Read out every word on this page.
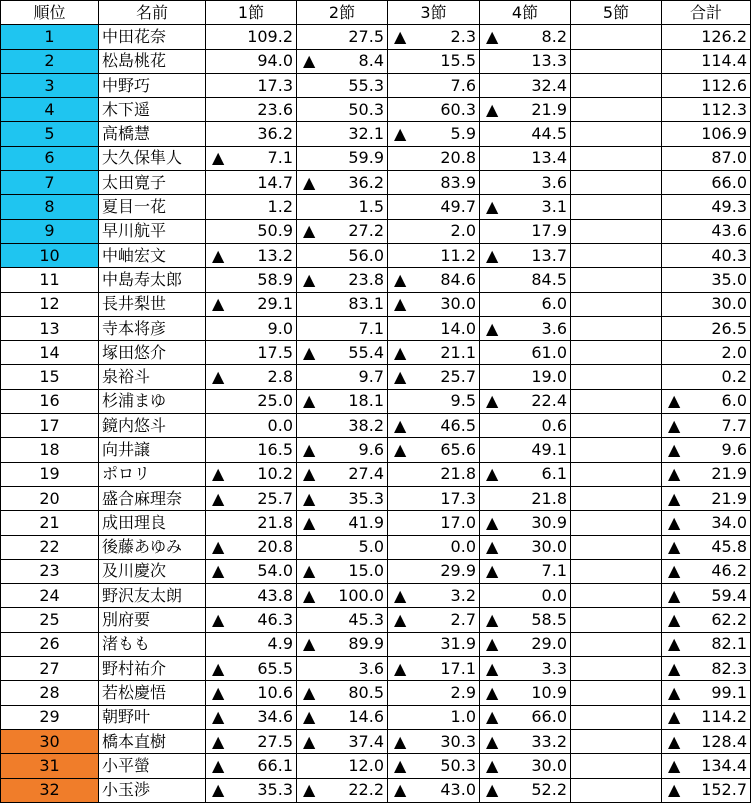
順位	名前	1節	2節	3節	4節	5節	合計
1	中田花奈	109.2	27.5	▲ 2.3	▲ 8.2		126.2
2	松島桃花	94.0	▲ 8.4	15.5	13.3		114.4
3	中野巧	17.3	55.3	7.6	32.4		112.6
4	木下遥	23.6	50.3	60.3	▲ 21.9		112.3
5	高橋慧	36.2	32.1	▲ 5.9	44.5		106.9
6	大久保隼人	▲ 7.1	59.9	20.8	13.4		87.0
7	太田寛子	14.7	▲ 36.2	83.9	3.6		66.0
8	夏目一花	1.2	1.5	49.7	▲ 3.1		49.3
9	早川航平	50.9	▲ 27.2	2.0	17.9		43.6
10	中岫宏文	▲ 13.2	56.0	11.2	▲ 13.7		40.3
11	中島寿太郎	58.9	▲ 23.8	▲ 84.6	84.5		35.0
12	長井梨世	▲ 29.1	83.1	▲ 30.0	6.0		30.0
13	寺本将彦	9.0	7.1	14.0	▲ 3.6		26.5
14	塚田悠介	17.5	▲ 55.4	▲ 21.1	61.0		2.0
15	泉裕斗	▲ 2.8	9.7	▲ 25.7	19.0		0.2
16	杉浦まゆ	25.0	▲ 18.1	9.5	▲ 22.4		▲ 6.0
17	鏡内悠斗	0.0	38.2	▲ 46.5	0.6		▲ 7.7
18	向井譲	16.5	▲ 9.6	▲ 65.6	49.1		▲ 9.6
19	ポロリ	▲ 10.2	▲ 27.4	21.8	▲ 6.1		▲ 21.9
20	盛合麻理奈	▲ 25.7	▲ 35.3	17.3	21.8		▲ 21.9
21	成田理良	21.8	▲ 41.9	17.0	▲ 30.9		▲ 34.0
22	後藤あゆみ	▲ 20.8	5.0	0.0	▲ 30.0		▲ 45.8
23	及川慶次	▲ 54.0	▲ 15.0	29.9	▲ 7.1		▲ 46.2
24	野沢友太朗	43.8	▲ 100.0	▲ 3.2	0.0		▲ 59.4
25	別府要	▲ 46.3	45.3	▲ 2.7	▲ 58.5		▲ 62.2
26	渚もも	4.9	▲ 89.9	31.9	▲ 29.0		▲ 82.1
27	野村祐介	▲ 65.5	3.6	▲ 17.1	▲ 3.3		▲ 82.3
28	若松慶悟	▲ 10.6	▲ 80.5	2.9	▲ 10.9		▲ 99.1
29	朝野叶	▲ 34.6	▲ 14.6	1.0	▲ 66.0		▲ 114.2
30	橋本直樹	▲ 27.5	▲ 37.4	▲ 30.3	▲ 33.2		▲ 128.4
31	小平螢	▲ 66.1	12.0	▲ 50.3	▲ 30.0		▲ 134.4
32	小玉渉	▲ 35.3	▲ 22.2	▲ 43.0	▲ 52.2		▲ 152.7
